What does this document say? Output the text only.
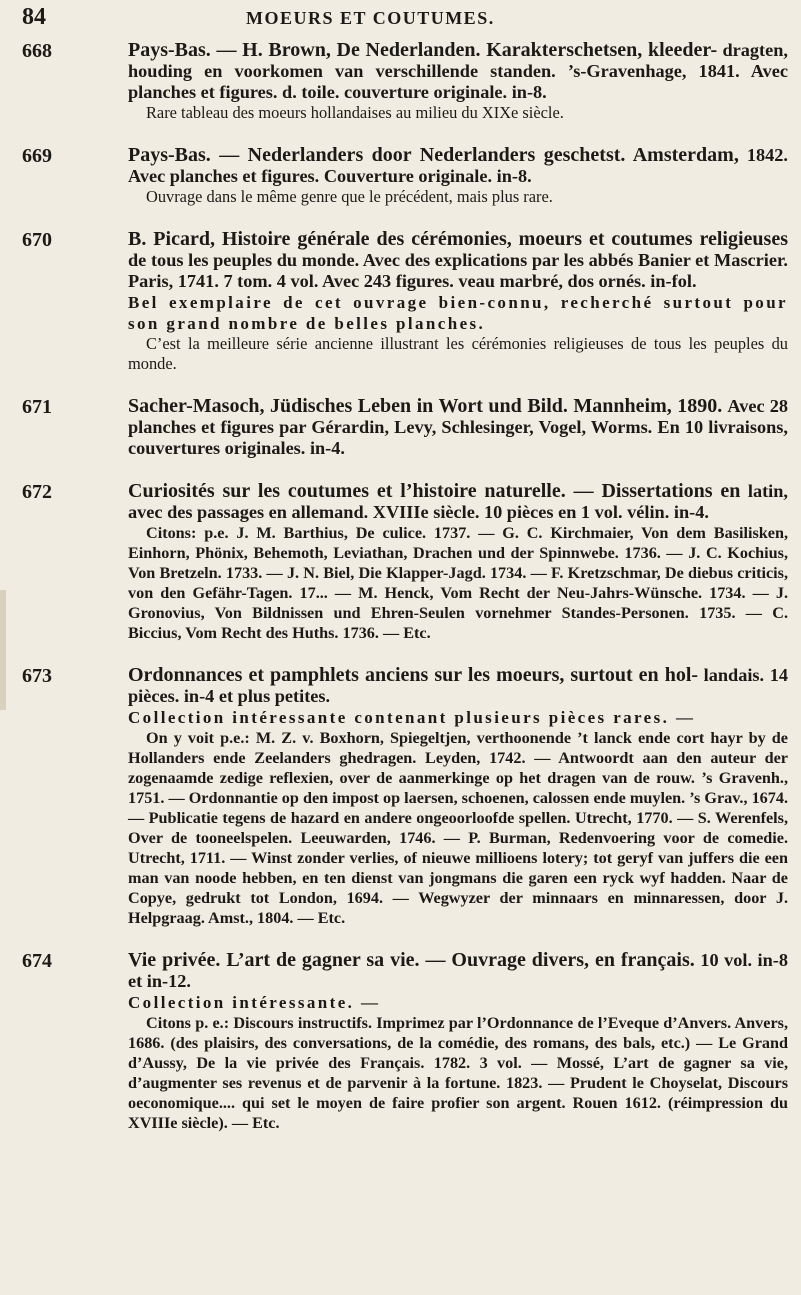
84	MOEURS ET COUTUMES.
668	Pays-Bas. — H. Brown, De Nederlanden. Karakterschetsen, kleeder- dragten, houding en voorkomen van verschillende standen. ’s-Gravenhage, 1841. Avec planches et figures. d. toile. couverture originale. in-8.
Rare tableau des moeurs hollandaises au milieu du XIXe siècle.
669	Pays-Bas. — Nederlanders door Nederlanders geschetst. Amsterdam, 1842. Avec planches et figures. Couverture originale. in-8.
Ouvrage dans le même genre que le précédent, mais plus rare.
670	B. Picard, Histoire générale des cérémonies, moeurs et coutumes religieuses de tous les peuples du monde. Avec des explications par les abbés Banier et Mascrier. Paris, 1741. 7 tom. 4 vol. Avec 243 figures. veau marbré, dos ornés. in-fol.
Bel exemplaire de cet ouvrage bien-connu, recherché surtout pour son grand nombre de belles planches.
C’est la meilleure série ancienne illustrant les cérémonies religieuses de tous les peuples du monde.
671	Sacher-Masoch, Jüdisches Leben in Wort und Bild. Mannheim, 1890. Avec 28 planches et figures par Gérardin, Levy, Schlesinger, Vogel, Worms. En 10 livraisons, couvertures originales. in-4.
672	Curiosités sur les coutumes et l’histoire naturelle. — Dissertations en latin, avec des passages en allemand. XVIIIe siècle. 10 pièces en 1 vol. vélin. in-4.
Citons: p.e. J. M. Barthius, De culice. 1737. — G. C. Kirchmaier, Von dem Basilisken, Einhorn, Phönix, Behemoth, Leviathan, Drachen und der Spinnwebe. 1736. — J. C. Kochius, Von Bretzeln. 1733. — J. N. Biel, Die Klapper-Jagd. 1734. — F. Kretzschmar, De diebus criticis, von den Gefähr-Tagen. 17... — M. Henck, Vom Recht der Neu-Jahrs-Wünsche. 1734. — J. Gronovius, Von Bildnissen und Ehren-Seulen vornehmer Standes-Personen. 1735. — C. Biccius, Vom Recht des Huths. 1736. — Etc.
673	Ordonnances et pamphlets anciens sur les moeurs, surtout en hol- landais. 14 pièces. in-4 et plus petites.
Collection intéressante contenant plusieurs pièces rares. —
On y voit p.e.: M. Z. v. Boxhorn, Spiegeltjen, verthoonende ’t lanck ende cort hayr by de Hollanders ende Zeelanders ghedragen. Leyden, 1742. — Antwoordt aan den auteur der zogenaamde zedige reflexien, over de aanmerkinge op het dragen van de rouw. ’s Gravenh., 1751. — Ordonnantie op den impost op laersen, schoenen, calossen ende muylen. ’s Grav., 1674. — Publicatie tegens de hazard en andere ongeoorloofde spellen. Utrecht, 1770. — S. Werenfels, Over de tooneelspelen. Leeuwarden, 1746. — P. Burman, Redenvoering voor de comedie. Utrecht, 1711. — Winst zonder verlies, of nieuwe millioens lotery; tot geryf van juffers die een man van noode hebben, en ten dienst van jongmans die garen een ryck wyf hadden. Naar de Copye, gedrukt tot London, 1694. — Wegwyzer der minnaars en minnaressen, door J. Helpgraag. Amst., 1804. — Etc.
674	Vie privée. L’art de gagner sa vie. — Ouvrage divers, en français. 10 vol. in-8 et in-12.
Collection intéressante. —
Citons p. e.: Discours instructifs. Imprimez par l’Ordonnance de l’Eveque d’Anvers. Anvers, 1686. (des plaisirs, des conversations, de la comédie, des romans, des bals, etc.) — Le Grand d’Aussy, De la vie privée des Français. 1782. 3 vol. — Mossé, L’art de gagner sa vie, d’augmenter ses revenus et de parvenir à la fortune. 1823. — Prudent le Choyselat, Discours oeconomique.... qui set le moyen de faire profier son argent. Rouen 1612. (réimpression du XVIIIe siècle). — Etc.
